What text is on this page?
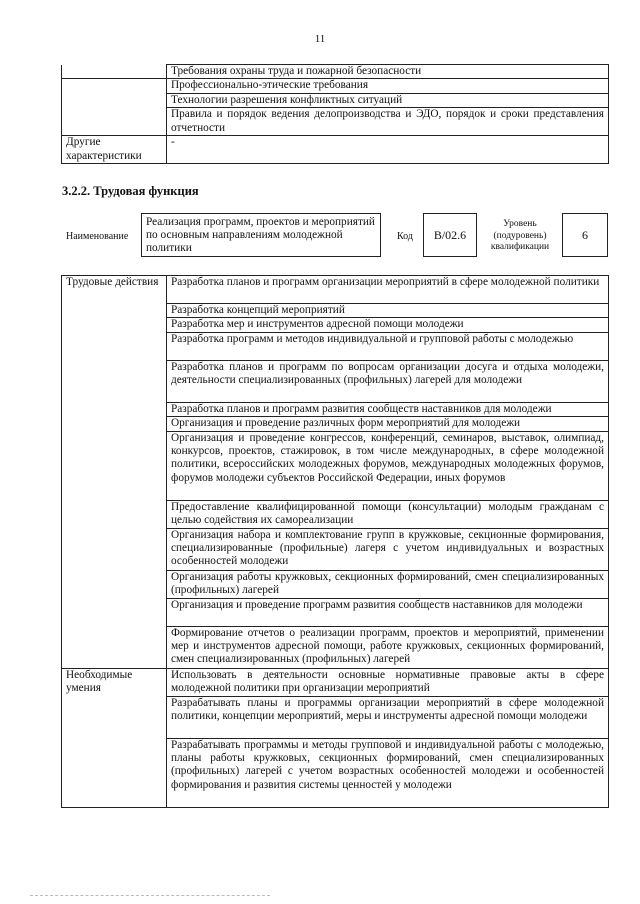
11
	Требования охраны труда и пожарной безопасности
	Профессионально-этические требования
	Технологии разрешения конфликтных ситуаций
	Правила и порядок ведения делопроизводства и ЭДО, порядок и сроки представления отчетности
Другие характеристики	-
3.2.2. Трудовая функция
Наименование
Реализация программ, проектов и мероприятий по основным направлениям молодежной политики
Код	B/02.6
Уровень (подуровень) квалификации
6
Трудовые действия	Разработка планов и программ организации мероприятий в сфере молодежной политики
	Разработка концепций мероприятий
	Разработка мер и инструментов адресной помощи молодежи
	Разработка программ и методов индивидуальной и групповой работы с молодежью
	Разработка планов и программ по вопросам организации досуга и отдыха молодежи, деятельности специализированных (профильных) лагерей для молодежи
	Разработка планов и программ развития сообществ наставников для молодежи
	Организация и проведение различных форм мероприятий для молодежи
	Организация и проведение конгрессов, конференций, семинаров, выставок, олимпиад, конкурсов, проектов, стажировок, в том числе международных, в сфере молодежной политики, всероссийских молодежных форумов, международных молодежных форумов, форумов молодежи субъектов Российской Федерации, иных форумов
	Предоставление квалифицированной помощи (консультации) молодым гражданам с целью содействия их самореализации
	Организация набора и комплектование групп в кружковые, секционные формирования, специализированные (профильные) лагеря с учетом индивидуальных и возрастных особенностей молодежи
	Организация работы кружковых, секционных формирований, смен специализированных (профильных) лагерей
	Организация и проведение программ развития сообществ наставников для молодежи
	Формирование отчетов о реализации программ, проектов и мероприятий, применении мер и инструментов адресной помощи, работе кружковых, секционных формирований, смен специализированных (профильных) лагерей
Необходимые умения	Использовать в деятельности основные нормативные правовые акты в сфере молодежной политики при организации мероприятий
	Разрабатывать планы и программы организации мероприятий в сфере молодежной политики, концепции мероприятий, меры и инструменты адресной помощи молодежи
	Разрабатывать программы и методы групповой и индивидуальной работы с молодежью, планы работы кружковых, секционных формирований, смен специализированных (профильных) лагерей с учетом возрастных особенностей молодежи и особенностей формирования и развития системы ценностей у молодежи
